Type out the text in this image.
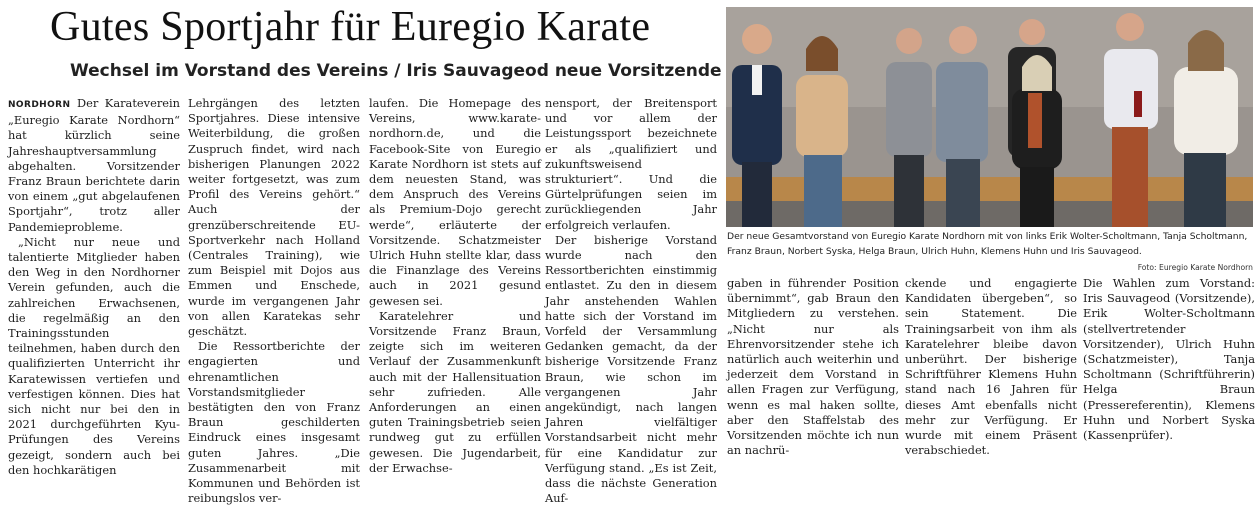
Gutes Sportjahr für Euregio Karate
Wechsel im Vorstand des Vereins / Iris Sauvageod neue Vorsitzende

NORDHORN Der Karateverein „Euregio Karate Nordhorn“ hat kürzlich seine Jahreshauptversammlung abgehalten. Vorsitzender Franz Braun berichtete darin von einem „gut abgelaufenen Sportjahr“, trotz aller Pandemieprobleme.

„Nicht nur neue und talentierte Mitglieder haben den Weg in den Nordhorner Verein gefunden, auch die zahlreichen Erwachsenen, die regelmäßig an den Trainingsstunden teilnehmen, haben durch den qualifizierten Unterricht ihr Karatewissen vertiefen und verfestigen können. Dies hat sich nicht nur bei den in 2021 durchgeführten Kyu-Prüfungen des Vereins gezeigt, sondern auch bei den hochkarätigen

Lehrgängen des letzten Sportjahres. Diese intensive Weiterbildung, die großen Zuspruch findet, wird nach bisherigen Planungen 2022 weiter fortgesetzt, was zum Profil des Vereins gehört.“ Auch der grenzüberschreitende EU-Sportverkehr nach Holland (Centrales Training), wie zum Beispiel mit Dojos aus Emmen und Enschede, wurde im vergangenen Jahr von allen Karatekas sehr geschätzt.

Die Ressortberichte der engagierten und ehrenamtlichen Vorstandsmitglieder bestätigten den von Franz Braun geschilderten Eindruck eines insgesamt guten Jahres. „Die Zusammenarbeit mit Kommunen und Behörden ist reibungslos ver-

laufen. Die Homepage des Vereins, www.karate-nordhorn.de, und die Facebook-Site von Euregio Karate Nordhorn ist stets auf dem neuesten Stand, was dem Anspruch des Vereins als Premium-Dojo gerecht werde“, erläuterte der Vorsitzende. Schatzmeister Ulrich Huhn stellte klar, dass die Finanzlage des Vereins auch in 2021 gesund gewesen sei.

Karatelehrer und Vorsitzende Franz Braun, zeigte sich im weiteren Verlauf der Zusammenkunft auch mit der Hallensituation sehr zufrieden. Alle Anforderungen an einen guten Trainingsbetrieb seien rundweg gut zu erfüllen gewesen. Die Jugendarbeit, der Erwachse-

nensport, der Breitensport und vor allem der Leistungssport bezeichnete er als „qualifiziert und zukunftsweisend strukturiert“. Und die Gürtelprüfungen seien im zurückliegenden Jahr erfolgreich verlaufen.

Der bisherige Vorstand wurde nach den Ressortberichten einstimmig entlastet. Zu den in diesem Jahr anstehenden Wahlen hatte sich der Vorstand im Vorfeld der Versammlung Gedanken gemacht, da der bisherige Vorsitzende Franz Braun, wie schon im vergangenen Jahr angekündigt, nach langen Jahren vielfältiger Vorstandsarbeit nicht mehr für eine Kandidatur zur Verfügung stand. „Es ist Zeit, dass die nächste Generation Auf-

gaben in führender Position übernimmt“, gab Braun den Mitgliedern zu verstehen. „Nicht nur als Ehrenvorsitzender stehe ich natürlich auch weiterhin und jederzeit dem Vorstand in allen Fragen zur Verfügung, wenn es mal haken sollte, aber den Staffelstab des Vorsitzenden möchte ich nun an nachrü-

ckende und engagierte Kandidaten übergeben“, so sein Statement. Die Trainingsarbeit von ihm als Karatelehrer bleibe davon unberührt. Der bisherige Schriftführer Klemens Huhn stand nach 16 Jahren für dieses Amt ebenfalls nicht mehr zur Verfügung. Er wurde mit einem Präsent verabschiedet.

Die Wahlen zum Vorstand: Iris Sauvageod (Vorsitzende), Erik Wolter-Scholtmann (stellvertretender Vorsitzender), Ulrich Huhn (Schatzmeister), Tanja Scholtmann (Schriftführerin) Helga Braun (Pressereferentin), Klemens Huhn und Norbert Syska (Kassenprüfer).

Der neue Gesamtvorstand von Euregio Karate Nordhorn mit von links Erik Wolter-Scholtmann, Tanja Scholtmann, Franz Braun, Norbert Syska, Helga Braun, Ulrich Huhn, Klemens Huhn und Iris Sauvageod.
Foto: Euregio Karate Nordhorn
